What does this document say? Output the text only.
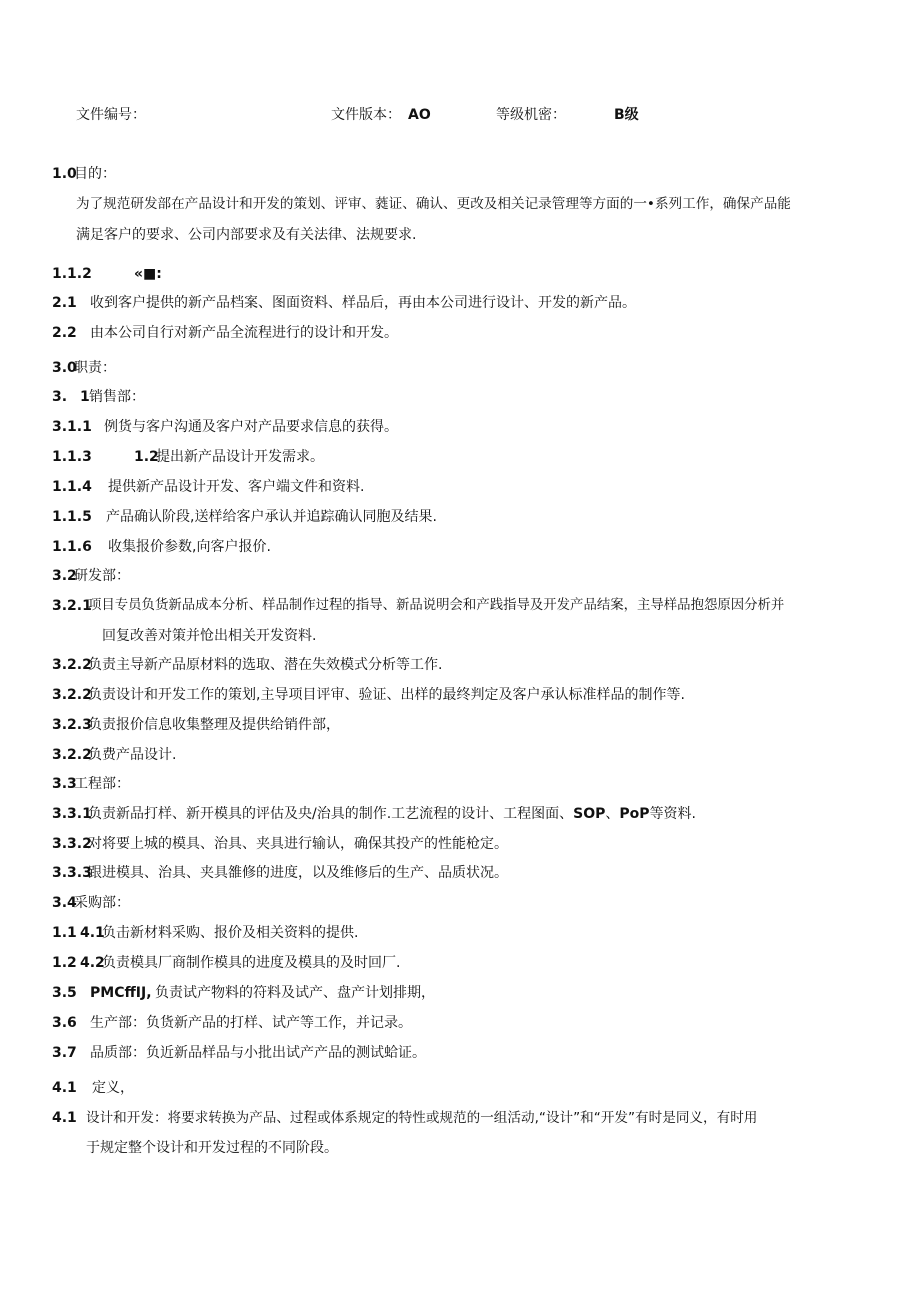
文件编号：	文件版本： AO	等级机密：	B级
1.0
目的：
为了规范研发部在产品设计和开发的策划、评审、蕤证、确认、更改及相关记录管理等方面的一•系列工作，确保产品能
满足客户的要求、公司内部要求及有关法律、法规要求.
1.1.2	«■:
2.1 收到客户提供的新产品档案、图面资料、样品后，再由本公司进行设计、开发的新产品。
2.2 由本公司自行对新产品全流程进行的设计和开发。
3.0
职责：
3. 1 销售部：
3.1.1 例货与客户沟通及客户对产品要求信息的获得。
1.1.3	1.2
提出新产品设计开发需求。
1.1.4 提供新产品设计开发、客户端文件和资料.
1.1.5 产品确认阶段,送样给客户承认并追踪确认同胞及结果.
1.1.6 收集报价参数,向客户报价.
3.2
研发部：
3.2.1
项目专员负货新品成本分析、样品制作过程的指导、新品说明会和产践指导及开发产品结案，主导样品抱怨原因分析并
回复改善对策并怆出相关开发资料.
3.2.2
负责主导新产品原材料的选取、潜在失效模式分析等工作.
3.2.2
负责设计和开发工作的策划,主导项目评审、验证、出样的最终判定及客户承认标准样品的制作等.
3.2.3
负责报价信息收集整理及提供给销件部，
3.2.2
负费产品设计.
3.3
工程部：
3.3.1
负责新品打样、新开模具的评估及央/治具的制作.工艺流程的设计、工程图面、SOP、PoP等资料.
3.3.2
对将要上城的模具、治具、夹具进行输认，确保其投产的性能枪定。
3.3.3
跟进模具、治具、夹具雒修的进度，以及维修后的生产、品质状况。
3.4
采购部：
1.1 4.1
负击新材料采购、报价及相关资料的提供.
1.2 4.2
负责模具厂商制作模具的进度及模具的及时回厂.
3.5 PMCffIJ, 负责试产物料的符料及试产、盘产计划排期，
3.6 生产部：负货新产品的打样、试产等工作，并记录。
3.7 品质部：负近新品样品与小批出试产产品的测试蛤证。
4.1 定义，
4.1 设计和开发：将要求转换为产品、过程或体系规定的特性或规范的一组活动,“设计”和“开发”有时是同义，有时用
于规定整个设计和开发过程的不同阶段。
